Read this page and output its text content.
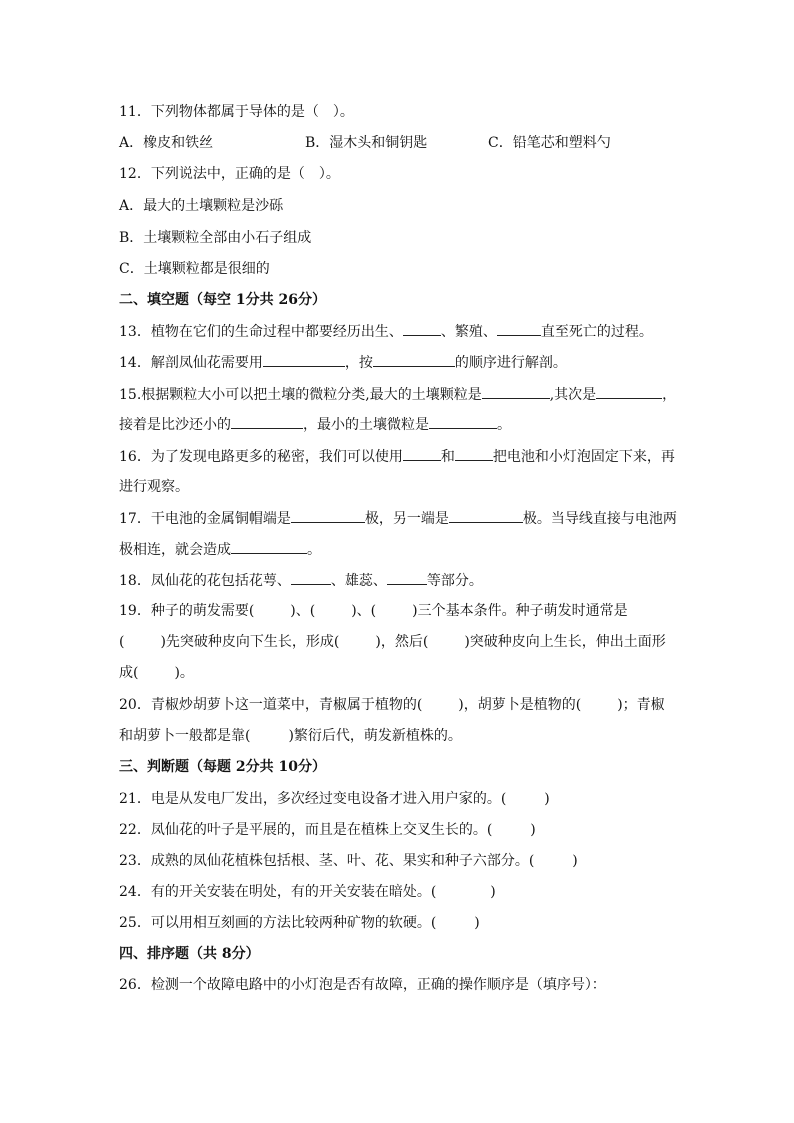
11．下列物体都属于导体的是（　）。
A．橡皮和铁丝	B．湿木头和铜钥匙	C．铅笔芯和塑料勺
12．下列说法中，正确的是（　）。
A．最大的土壤颗粒是沙砾
B．土壤颗粒全部由小石子组成
C．土壤颗粒都是很细的
二、填空题（每空 1分共 26分）
13．植物在它们的生命过程中都要经历出生、	、繁殖、	直至死亡的过程。
14．解剖凤仙花需要用	，按	的顺序进行解剖。
15.根据颗粒大小可以把土壤的微粒分类,最大的土壤颗粒是	,其次是	，
接着是比沙还小的	，最小的土壤微粒是	。
16．为了发现电路更多的秘密，我们可以使用	和	把电池和小灯泡固定下来，再
进行观察。
17．干电池的金属铜帽端是	极，另一端是	极。当导线直接与电池两
极相连，就会造成	。
18．凤仙花的花包括花萼、	、雄蕊、	等部分。
19．种子的萌发需要(	)、(	)、(	)三个基本条件。种子萌发时通常是
(	)先突破种皮向下生长，形成(	)，然后(	)突破种皮向上生长，伸出土面形
成(	)。
20．青椒炒胡萝卜这一道菜中，青椒属于植物的(	)，胡萝卜是植物的(	)；青椒
和胡萝卜一般都是靠(	)繁衍后代，萌发新植株的。
三、判断题（每题 2分共 10分）
21．电是从发电厂发出，多次经过变电设备才进入用户家的。(	)
22．凤仙花的叶子是平展的，而且是在植株上交叉生长的。(	)
23．成熟的凤仙花植株包括根、茎、叶、花、果实和种子六部分。(	)
24．有的开关安装在明处，有的开关安装在暗处。(	)
25．可以用相互刻画的方法比较两种矿物的软硬。(	)
四、排序题（共 8分）
26．检测一个故障电路中的小灯泡是否有故障，正确的操作顺序是（填序号）：
